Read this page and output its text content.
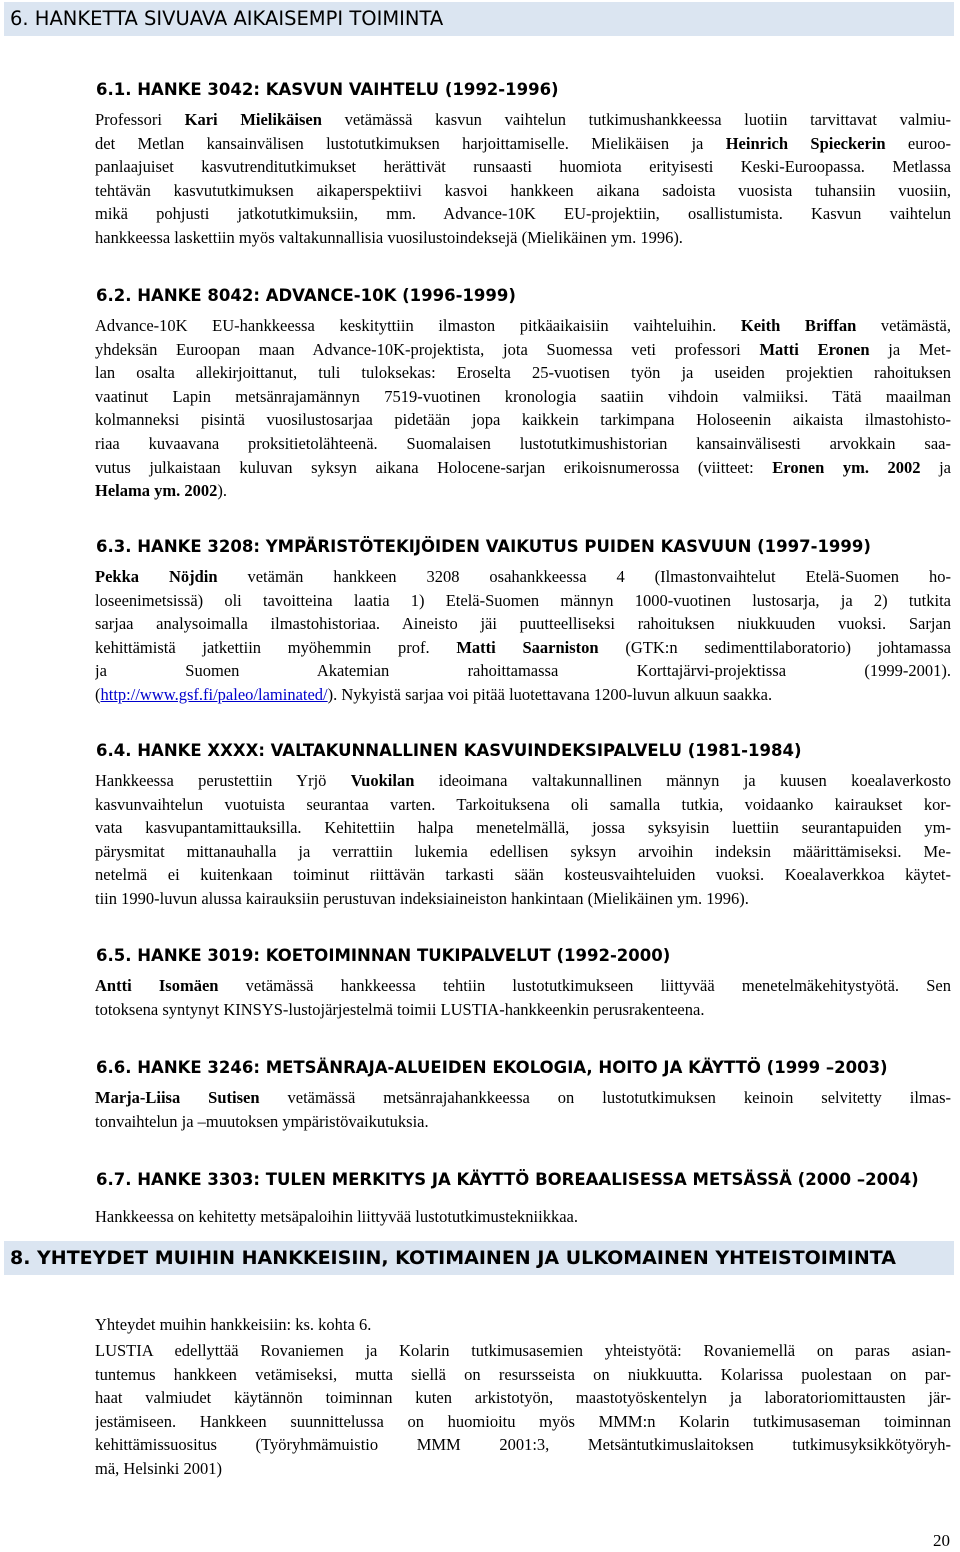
6. HANKETTA SIVUAVA AIKAISEMPI TOIMINTA
6.1. HANKE 3042: KASVUN VAIHTELU (1992-1996)
Professori Kari Mielikäisen vetämässä kasvun vaihtelun tutkimushankkeessa luotiin tarvittavat valmiu-
det Metlan kansainvälisen lustotutkimuksen harjoittamiselle. Mielikäisen ja Heinrich Spieckerin euroo-
panlaajuiset kasvutrenditutkimukset herättivät runsaasti huomiota erityisesti Keski-Euroopassa. Metlassa
tehtävän kasvututkimuksen aikaperspektiivi kasvoi hankkeen aikana sadoista vuosista tuhansiin vuosiin,
mikä pohjusti jatkotutkimuksiin, mm. Advance-10K EU-projektiin, osallistumista. Kasvun vaihtelun
hankkeessa laskettiin myös valtakunnallisia vuosilustoindeksejä (Mielikäinen ym. 1996).
6.2. HANKE 8042: ADVANCE-10K (1996-1999)
Advance-10K EU-hankkeessa keskityttiin ilmaston pitkäaikaisiin vaihteluihin. Keith Briffan vetämästä,
yhdeksän Euroopan maan Advance-10K-projektista, jota Suomessa veti professori Matti Eronen ja Met-
lan osalta allekirjoittanut, tuli tuloksekas: Eroselta 25-vuotisen työn ja useiden projektien rahoituksen
vaatinut Lapin metsänrajamännyn 7519-vuotinen kronologia saatiin vihdoin valmiiksi. Tätä maailman
kolmanneksi pisintä vuosilustosarjaa pidetään jopa kaikkein tarkimpana Holoseenin aikaista ilmastohisto-
riaa kuvaavana proksitietolähteenä. Suomalaisen lustotutkimushistorian kansainvälisesti arvokkain saa-
vutus julkaistaan kuluvan syksyn aikana Holocene-sarjan erikoisnumerossa (viitteet: Eronen ym. 2002 ja
Helama ym. 2002).
6.3. HANKE 3208: YMPÄRISTÖTEKIJÖIDEN VAIKUTUS PUIDEN KASVUUN (1997-1999)
Pekka Nöjdin vetämän hankkeen 3208 osahankkeessa 4 (Ilmastonvaihtelut Etelä-Suomen ho-
loseenimetsissä) oli tavoitteina laatia 1) Etelä-Suomen männyn 1000-vuotinen lustosarja, ja 2) tutkita
sarjaa analysoimalla ilmastohistoriaa. Aineisto jäi puutteelliseksi rahoituksen niukkuuden vuoksi. Sarjan
kehittämistä jatkettiin myöhemmin prof. Matti Saarniston (GTK:n sedimenttilaboratorio) johtamassa
ja Suomen Akatemian rahoittamassa Korttajärvi-projektissa (1999-2001).
(http://www.gsf.fi/paleo/laminated/). Nykyistä sarjaa voi pitää luotettavana 1200-luvun alkuun saakka.
6.4. HANKE XXXX: VALTAKUNNALLINEN KASVUINDEKSIPALVELU (1981-1984)
Hankkeessa perustettiin Yrjö Vuokilan ideoimana valtakunnallinen männyn ja kuusen koealaverkosto
kasvunvaihtelun vuotuista seurantaa varten. Tarkoituksena oli samalla tutkia, voidaanko kairaukset kor-
vata kasvupantamittauksilla. Kehitettiin halpa menetelmällä, jossa syksyisin luettiin seurantapuiden ym-
pärysmitat mittanauhalla ja verrattiin lukemia edellisen syksyn arvoihin indeksin määrittämiseksi. Me-
netelmä ei kuitenkaan toiminut riittävän tarkasti sään kosteusvaihteluiden vuoksi. Koealaverkkoa käytet-
tiin 1990-luvun alussa kairauksiin perustuvan indeksiaineiston hankintaan (Mielikäinen ym. 1996).
6.5. HANKE 3019: KOETOIMINNAN TUKIPALVELUT (1992-2000)
Antti Isomäen vetämässä hankkeessa tehtiin lustotutkimukseen liittyvää menetelmäkehitystyötä. Sen
totoksena syntynyt KINSYS-lustojärjestelmä toimii LUSTIA-hankkeenkin perusrakenteena.
6.6. HANKE 3246: METSÄNRAJA-ALUEIDEN EKOLOGIA, HOITO JA KÄYTTÖ (1999 –2003)
Marja-Liisa Sutisen vetämässä metsänrajahankkeessa on lustotutkimuksen keinoin selvitetty ilmas-
tonvaihtelun ja –muutoksen ympäristövaikutuksia.
6.7. HANKE 3303: TULEN MERKITYS JA KÄYTTÖ BOREAALISESSA METSÄSSÄ (2000 –2004)
Hankkeessa on kehitetty metsäpaloihin liittyvää lustotutkimustekniikkaa.
8. YHTEYDET MUIHIN HANKKEISIIN, KOTIMAINEN JA ULKOMAINEN YHTEISTOIMINTA
Yhteydet muihin hankkeisiin: ks. kohta 6.
LUSTIA edellyttää Rovaniemen ja Kolarin tutkimusasemien yhteistyötä: Rovaniemellä on paras asian-
tuntemus hankkeen vetämiseksi, mutta siellä on resursseista on niukkuutta. Kolarissa puolestaan on par-
haat valmiudet käytännön toiminnan kuten arkistotyön, maastotyöskentelyn ja laboratoriomittausten jär-
jestämiseen. Hankkeen suunnittelussa on huomioitu myös MMM:n Kolarin tutkimusaseman toiminnan
kehittämissuositus (Työryhmämuistio MMM 2001:3, Metsäntutkimuslaitoksen tutkimusyksikkötyöryh-
mä, Helsinki 2001)
20
